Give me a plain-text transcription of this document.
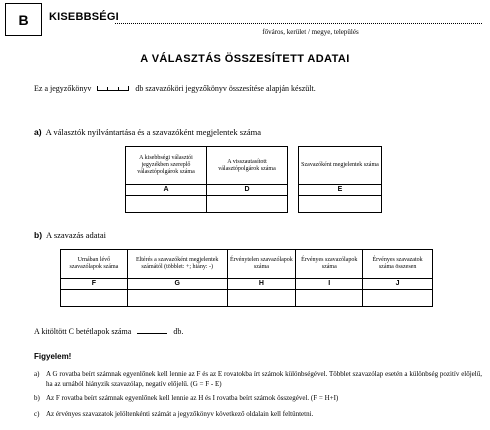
B KISEBBSÉGI
főváros, kerület / megye, település
A VÁLASZTÁS ÖSSZESÍTETT ADATAI
Ez a jegyzőkönyv	db szavazóköri jegyzőkönyv összesítése alapján készült.
a) A választók nyilvántartása és a szavazóként megjelentek száma
A kisebbségi választói jegyzékben szereplő választópolgárok száma	A visszautasított választópolgárok száma
A	D

Szavazóként megjelentek száma
E

b) A szavazás adatai
Urnában lévő szavazólapok száma	Eltérés a szavazóként megjelentek számától (többlet: +; hiány: -)	Érvénytelen szavazólapok száma	Érvényes szavazólapok száma	Érvényes szavazatok száma összesen
F	G	H	I	J

A kitöltött C betétlapok száma	db.
Figyelem!
a) A G rovatba beírt számnak egyenlőnek kell lennie az F és az E rovatokba írt számok különbségével. Többlet szavazólap esetén a különbség pozitív előjelű, ha az urnából hiányzik szavazólap, negatív előjelű. (G = F - E)
b) Az F rovatba beírt számnak egyenlőnek kell lennie az H és I rovatba beírt számok összegével. (F = H+I)
c) Az érvényes szavazatok jelöltenkénti számát a jegyzőkönyv következő oldalain kell feltüntetni.
